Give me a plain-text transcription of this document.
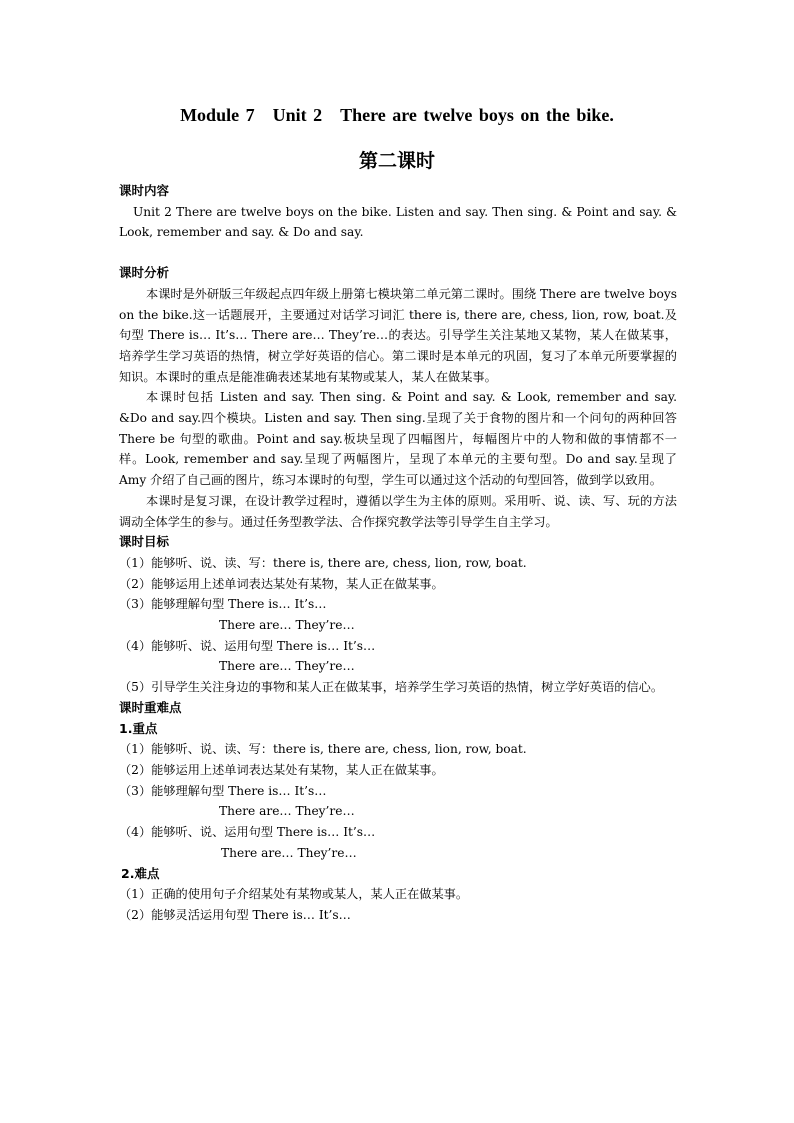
Module 7 Unit 2 There are twelve boys on the bike.
第二课时

课时内容

Unit 2 There are twelve boys on the bike. Listen and say. Then sing. & Point and say. & Look, remember and say. & Do and say.

课时分析

本课时是外研版三年级起点四年级上册第七模块第二单元第二课时。围绕 There are twelve boys on the bike.这一话题展开，主要通过对话学习词汇 there is, there are, chess, lion, row, boat.及句型 There is… It’s… There are… They’re…的表达。引导学生关注某地又某物，某人在做某事，培养学生学习英语的热情，树立学好英语的信心。第二课时是本单元的巩固，复习了本单元所要掌握的知识。本课时的重点是能准确表述某地有某物或某人，某人在做某事。

本课时包括 Listen and say. Then sing. & Point and say. & Look, remember and say. &Do and say.四个模块。Listen and say. Then sing.呈现了关于食物的图片和一个问句的两种回答 There be 句型的歌曲。Point and say.板块呈现了四幅图片，每幅图片中的人物和做的事情都不一样。Look, remember and say.呈现了两幅图片，呈现了本单元的主要句型。Do and say.呈现了 Amy 介绍了自己画的图片，练习本课时的句型，学生可以通过这个活动的句型回答，做到学以致用。

本课时是复习课，在设计教学过程时，遵循以学生为主体的原则。采用听、说、读、写、玩的方法调动全体学生的参与。通过任务型教学法、合作探究教学法等引导学生自主学习。

课时目标

（1）能够听、说、读、写：there is, there are, chess, lion, row, boat.

（2）能够运用上述单词表达某处有某物，某人正在做某事。

（3）能够理解句型 There is… It’s…

There are… They’re…

（4）能够听、说、运用句型 There is… It’s…

There are… They’re…

（5）引导学生关注身边的事物和某人正在做某事，培养学生学习英语的热情，树立学好英语的信心。

课时重难点

1.重点

（1）能够听、说、读、写：there is, there are, chess, lion, row, boat.

（2）能够运用上述单词表达某处有某物，某人正在做某事。

（3）能够理解句型 There is… It’s…

There are… They’re…

（4）能够听、说、运用句型 There is… It’s…

There are… They’re…

2.难点

（1）正确的使用句子介绍某处有某物或某人，某人正在做某事。

（2）能够灵活运用句型 There is… It’s…
